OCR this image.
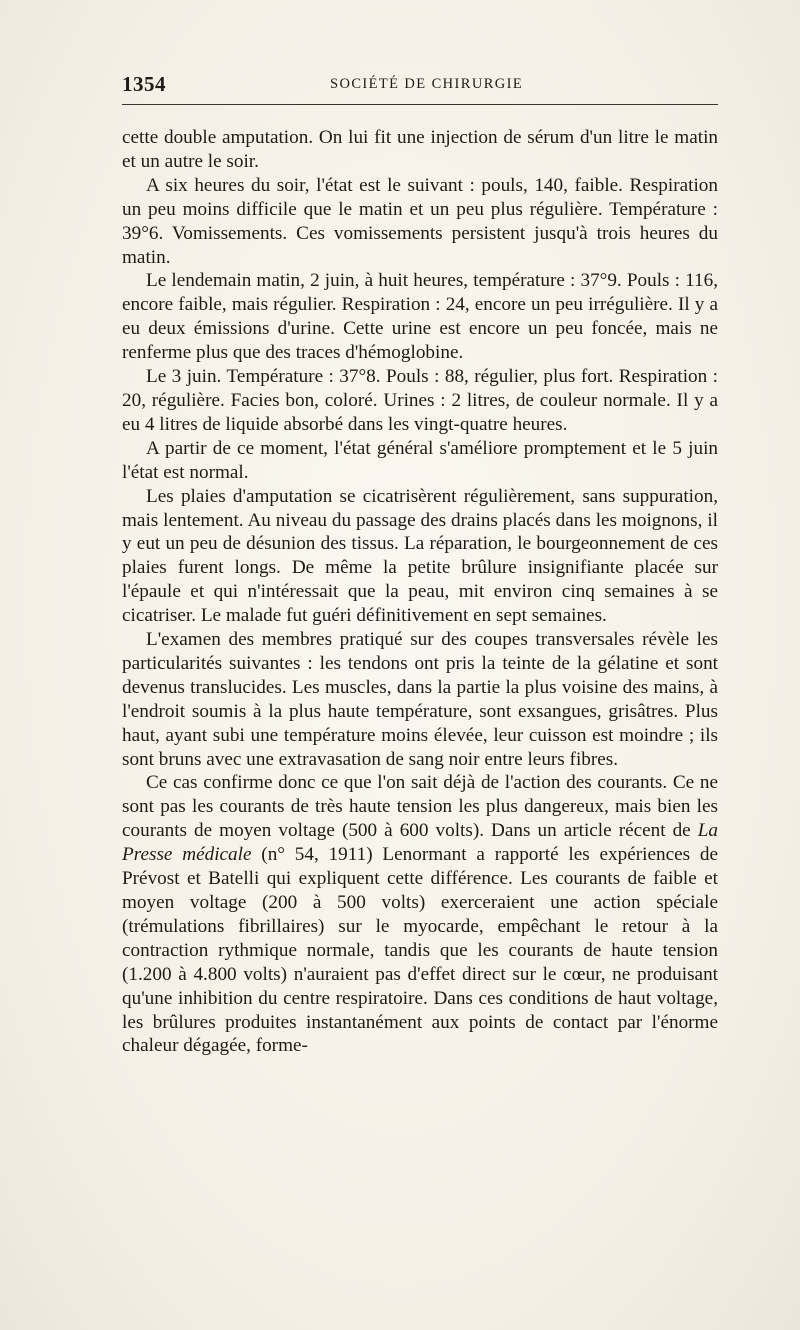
1354	SOCIÉTÉ DE CHIRURGIE

cette double amputation. On lui fit une injection de sérum d'un litre le matin et un autre le soir.

A six heures du soir, l'état est le suivant : pouls, 140, faible. Respiration un peu moins difficile que le matin et un peu plus régulière. Température : 39°6. Vomissements. Ces vomissements persistent jusqu'à trois heures du matin.

Le lendemain matin, 2 juin, à huit heures, température : 37°9. Pouls : 116, encore faible, mais régulier. Respiration : 24, encore un peu irrégulière. Il y a eu deux émissions d'urine. Cette urine est encore un peu foncée, mais ne renferme plus que des traces d'hémoglobine.

Le 3 juin. Température : 37°8. Pouls : 88, régulier, plus fort. Respiration : 20, régulière. Facies bon, coloré. Urines : 2 litres, de couleur normale. Il y a eu 4 litres de liquide absorbé dans les vingt-quatre heures.

A partir de ce moment, l'état général s'améliore promptement et le 5 juin l'état est normal.

Les plaies d'amputation se cicatrisèrent régulièrement, sans suppuration, mais lentement. Au niveau du passage des drains placés dans les moignons, il y eut un peu de désunion des tissus. La réparation, le bourgeonnement de ces plaies furent longs. De même la petite brûlure insignifiante placée sur l'épaule et qui n'intéressait que la peau, mit environ cinq semaines à se cicatriser. Le malade fut guéri définitivement en sept semaines.

L'examen des membres pratiqué sur des coupes transversales révèle les particularités suivantes : les tendons ont pris la teinte de la gélatine et sont devenus translucides. Les muscles, dans la partie la plus voisine des mains, à l'endroit soumis à la plus haute température, sont exsangues, grisâtres. Plus haut, ayant subi une température moins élevée, leur cuisson est moindre ; ils sont bruns avec une extravasation de sang noir entre leurs fibres.

Ce cas confirme donc ce que l'on sait déjà de l'action des courants. Ce ne sont pas les courants de très haute tension les plus dangereux, mais bien les courants de moyen voltage (500 à 600 volts). Dans un article récent de La Presse médicale (n° 54, 1911) Lenormant a rapporté les expériences de Prévost et Batelli qui expliquent cette différence. Les courants de faible et moyen voltage (200 à 500 volts) exerceraient une action spéciale (trémulations fibrillaires) sur le myocarde, empêchant le retour à la contraction rythmique normale, tandis que les courants de haute tension (1.200 à 4.800 volts) n'auraient pas d'effet direct sur le cœur, ne produisant qu'une inhibition du centre respiratoire. Dans ces conditions de haut voltage, les brûlures produites instantanément aux points de contact par l'énorme chaleur dégagée, forme-
